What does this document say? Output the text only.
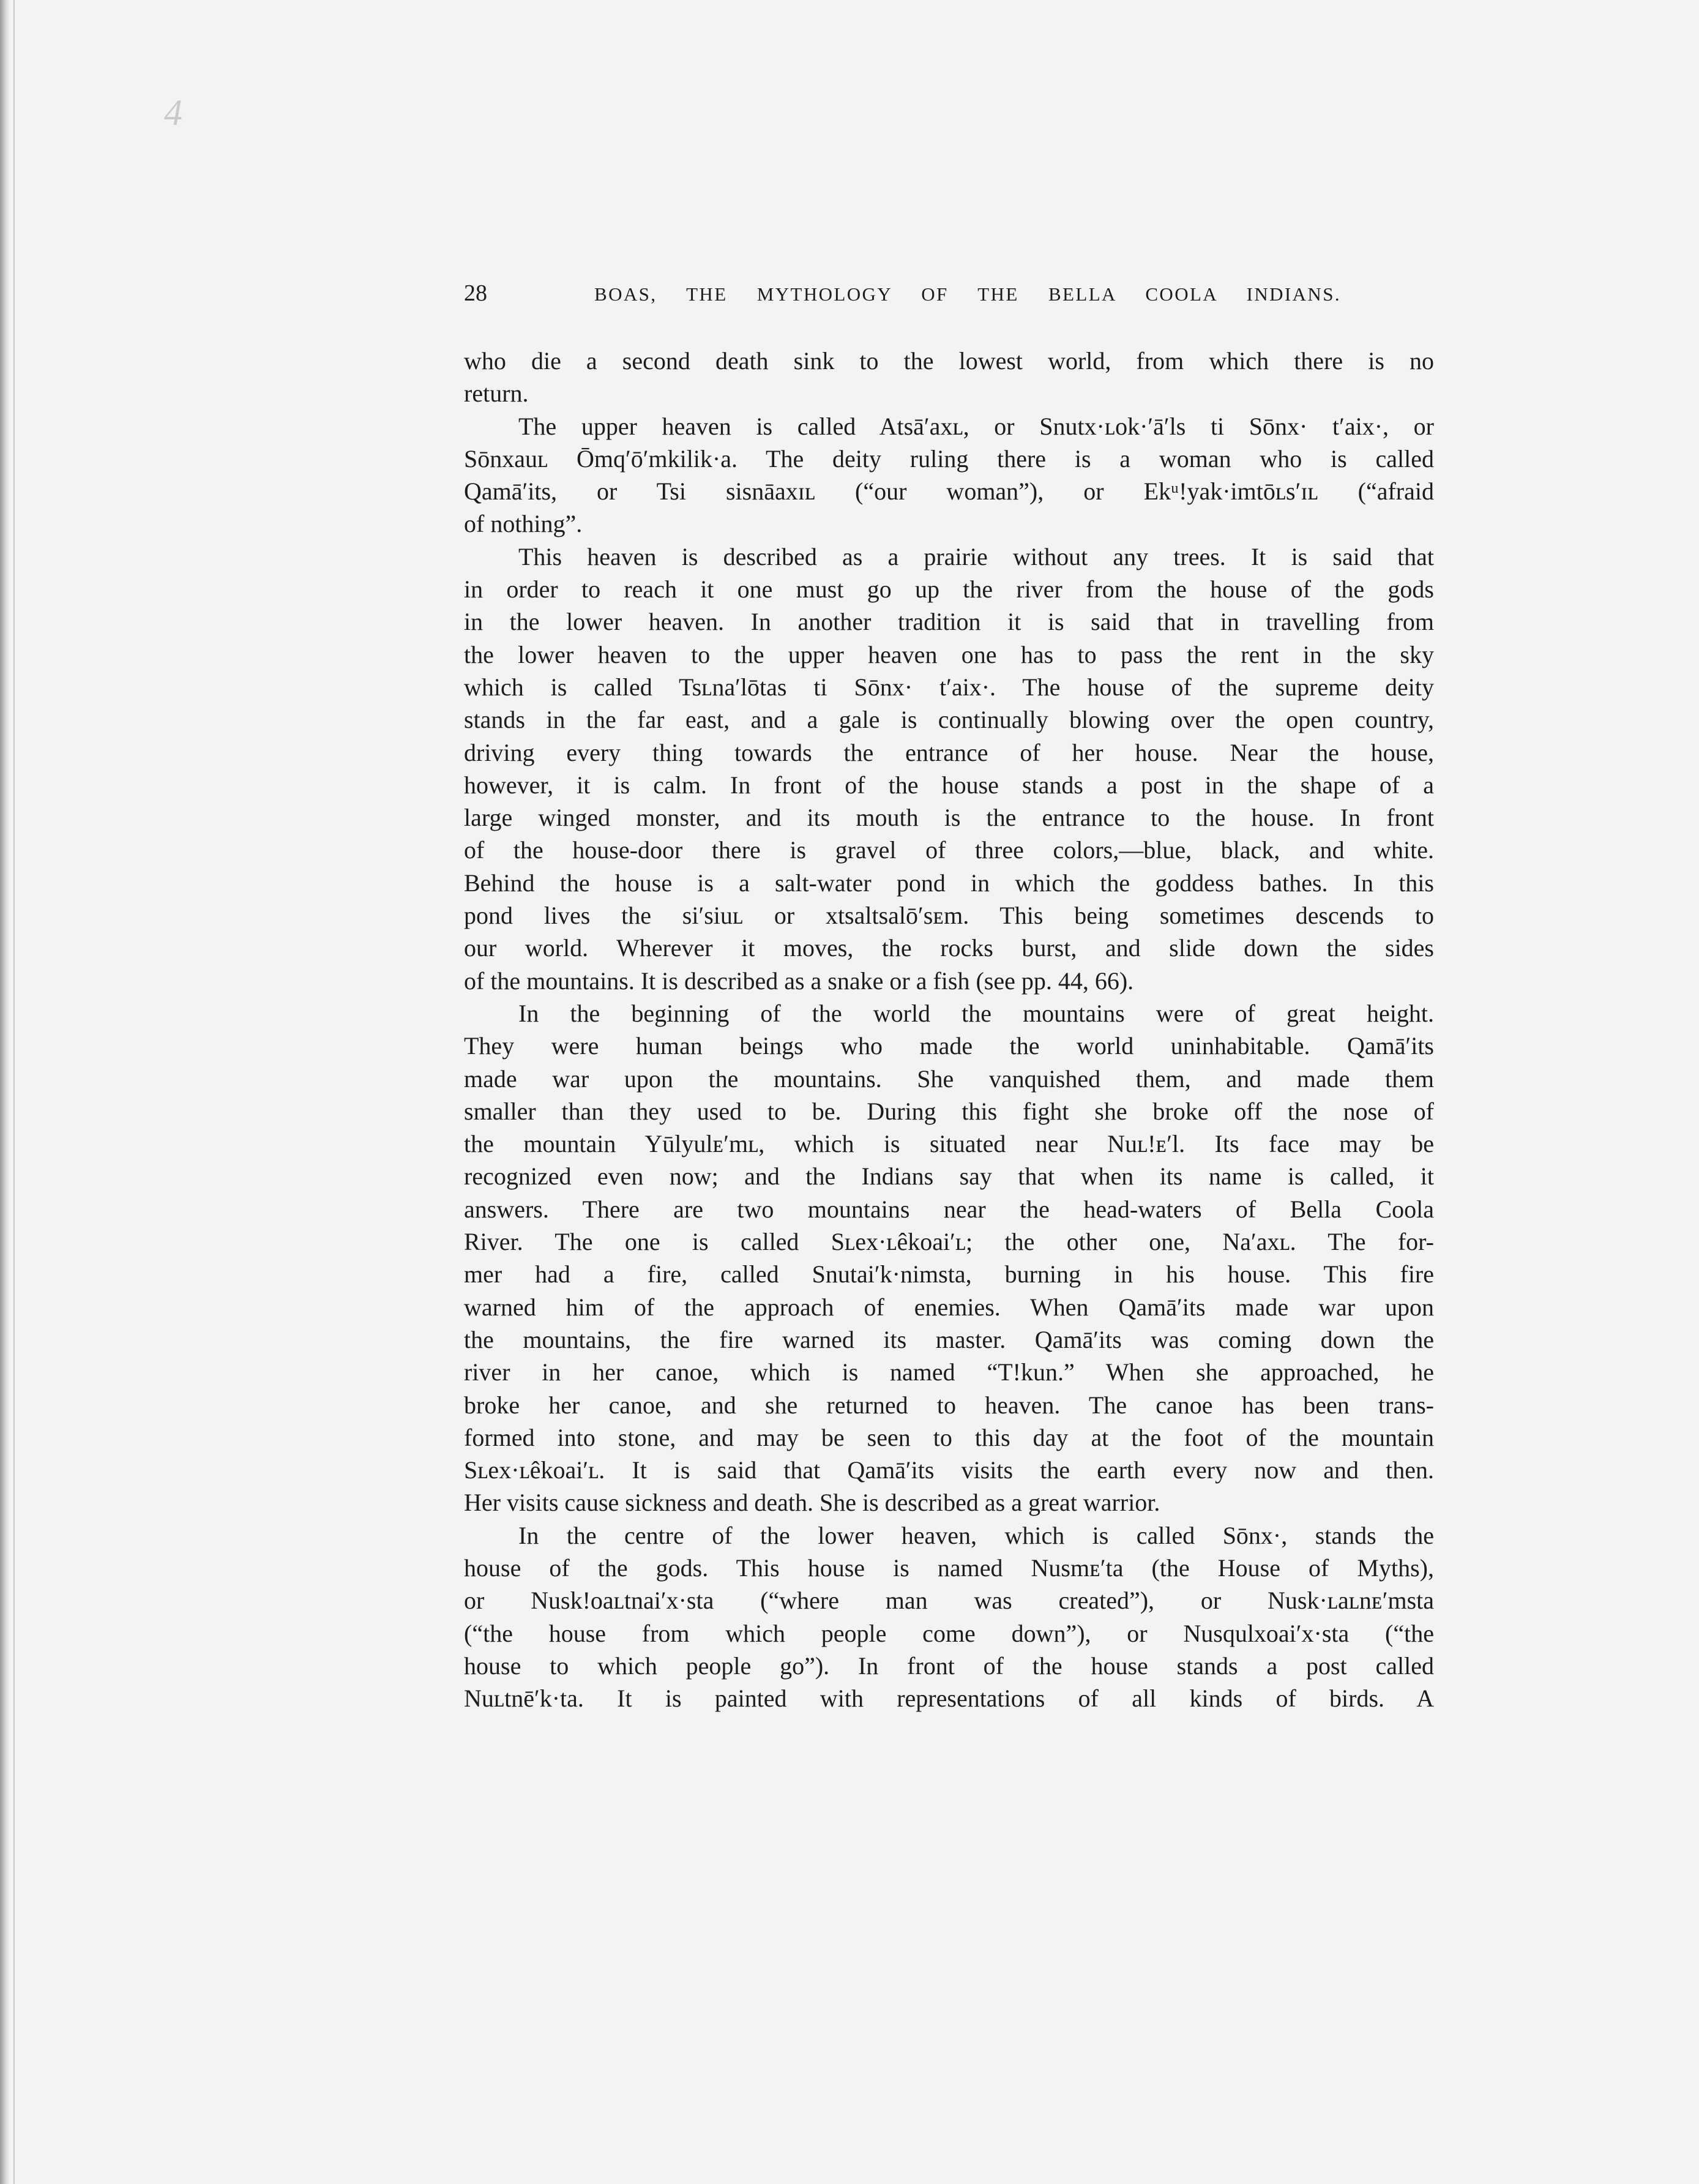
4
28	BOAS, THE MYTHOLOGY OF THE BELLA COOLA INDIANS.
who die a second death sink to the lowest world, from which there is no
return.
The upper heaven is called Atsā′axʟ, or Snutx·ʟok·′ā′ls ti Sōnx· t′aix·, or
Sōnxauʟ Ōmq′ō′mkilik·a. The deity ruling there is a woman who is called
Qamā′its, or Tsi sisnāaxɪʟ (“our woman”), or Ekᵘ!yak·imtōʟs′ɪʟ (“afraid
of nothing”.
This heaven is described as a prairie without any trees. It is said that
in order to reach it one must go up the river from the house of the gods
in the lower heaven. In another tradition it is said that in travelling from
the lower heaven to the upper heaven one has to pass the rent in the sky
which is called Tsʟna′lōtas ti Sōnx· t′aix·. The house of the supreme deity
stands in the far east, and a gale is continually blowing over the open country,
driving every thing towards the entrance of her house. Near the house,
however, it is calm. In front of the house stands a post in the shape of a
large winged monster, and its mouth is the entrance to the house. In front
of the house-door there is gravel of three colors,—blue, black, and white.
Behind the house is a salt-water pond in which the goddess bathes. In this
pond lives the si′siuʟ or xtsaltsalō′sᴇm. This being sometimes descends to
our world. Wherever it moves, the rocks burst, and slide down the sides
of the mountains. It is described as a snake or a fish (see pp. 44, 66).
In the beginning of the world the mountains were of great height.
They were human beings who made the world uninhabitable. Qamā′its
made war upon the mountains. She vanquished them, and made them
smaller than they used to be. During this fight she broke off the nose of
the mountain Yūlyulᴇ′mʟ, which is situated near Nuʟ!ᴇ′l. Its face may be
recognized even now; and the Indians say that when its name is called, it
answers. There are two mountains near the head-waters of Bella Coola
River. The one is called Sʟex·ʟêkoai′ʟ; the other one, Na′axʟ. The for-
mer had a fire, called Snutai′k·nimsta, burning in his house. This fire
warned him of the approach of enemies. When Qamā′its made war upon
the mountains, the fire warned its master. Qamā′its was coming down the
river in her canoe, which is named “T!kun.” When she approached, he
broke her canoe, and she returned to heaven. The canoe has been trans-
formed into stone, and may be seen to this day at the foot of the mountain
Sʟex·ʟêkoai′ʟ. It is said that Qamā′its visits the earth every now and then.
Her visits cause sickness and death. She is described as a great warrior.
In the centre of the lower heaven, which is called Sōnx·, stands the
house of the gods. This house is named Nusmᴇ′ta (the House of Myths),
or Nusk!oaʟtnai′x·sta (“where man was created”), or Nusk·ʟaʟnᴇ′msta
(“the house from which people come down”), or Nusqulxoai′x·sta (“the
house to which people go”). In front of the house stands a post called
Nuʟtnē′k·ta. It is painted with representations of all kinds of birds. A
